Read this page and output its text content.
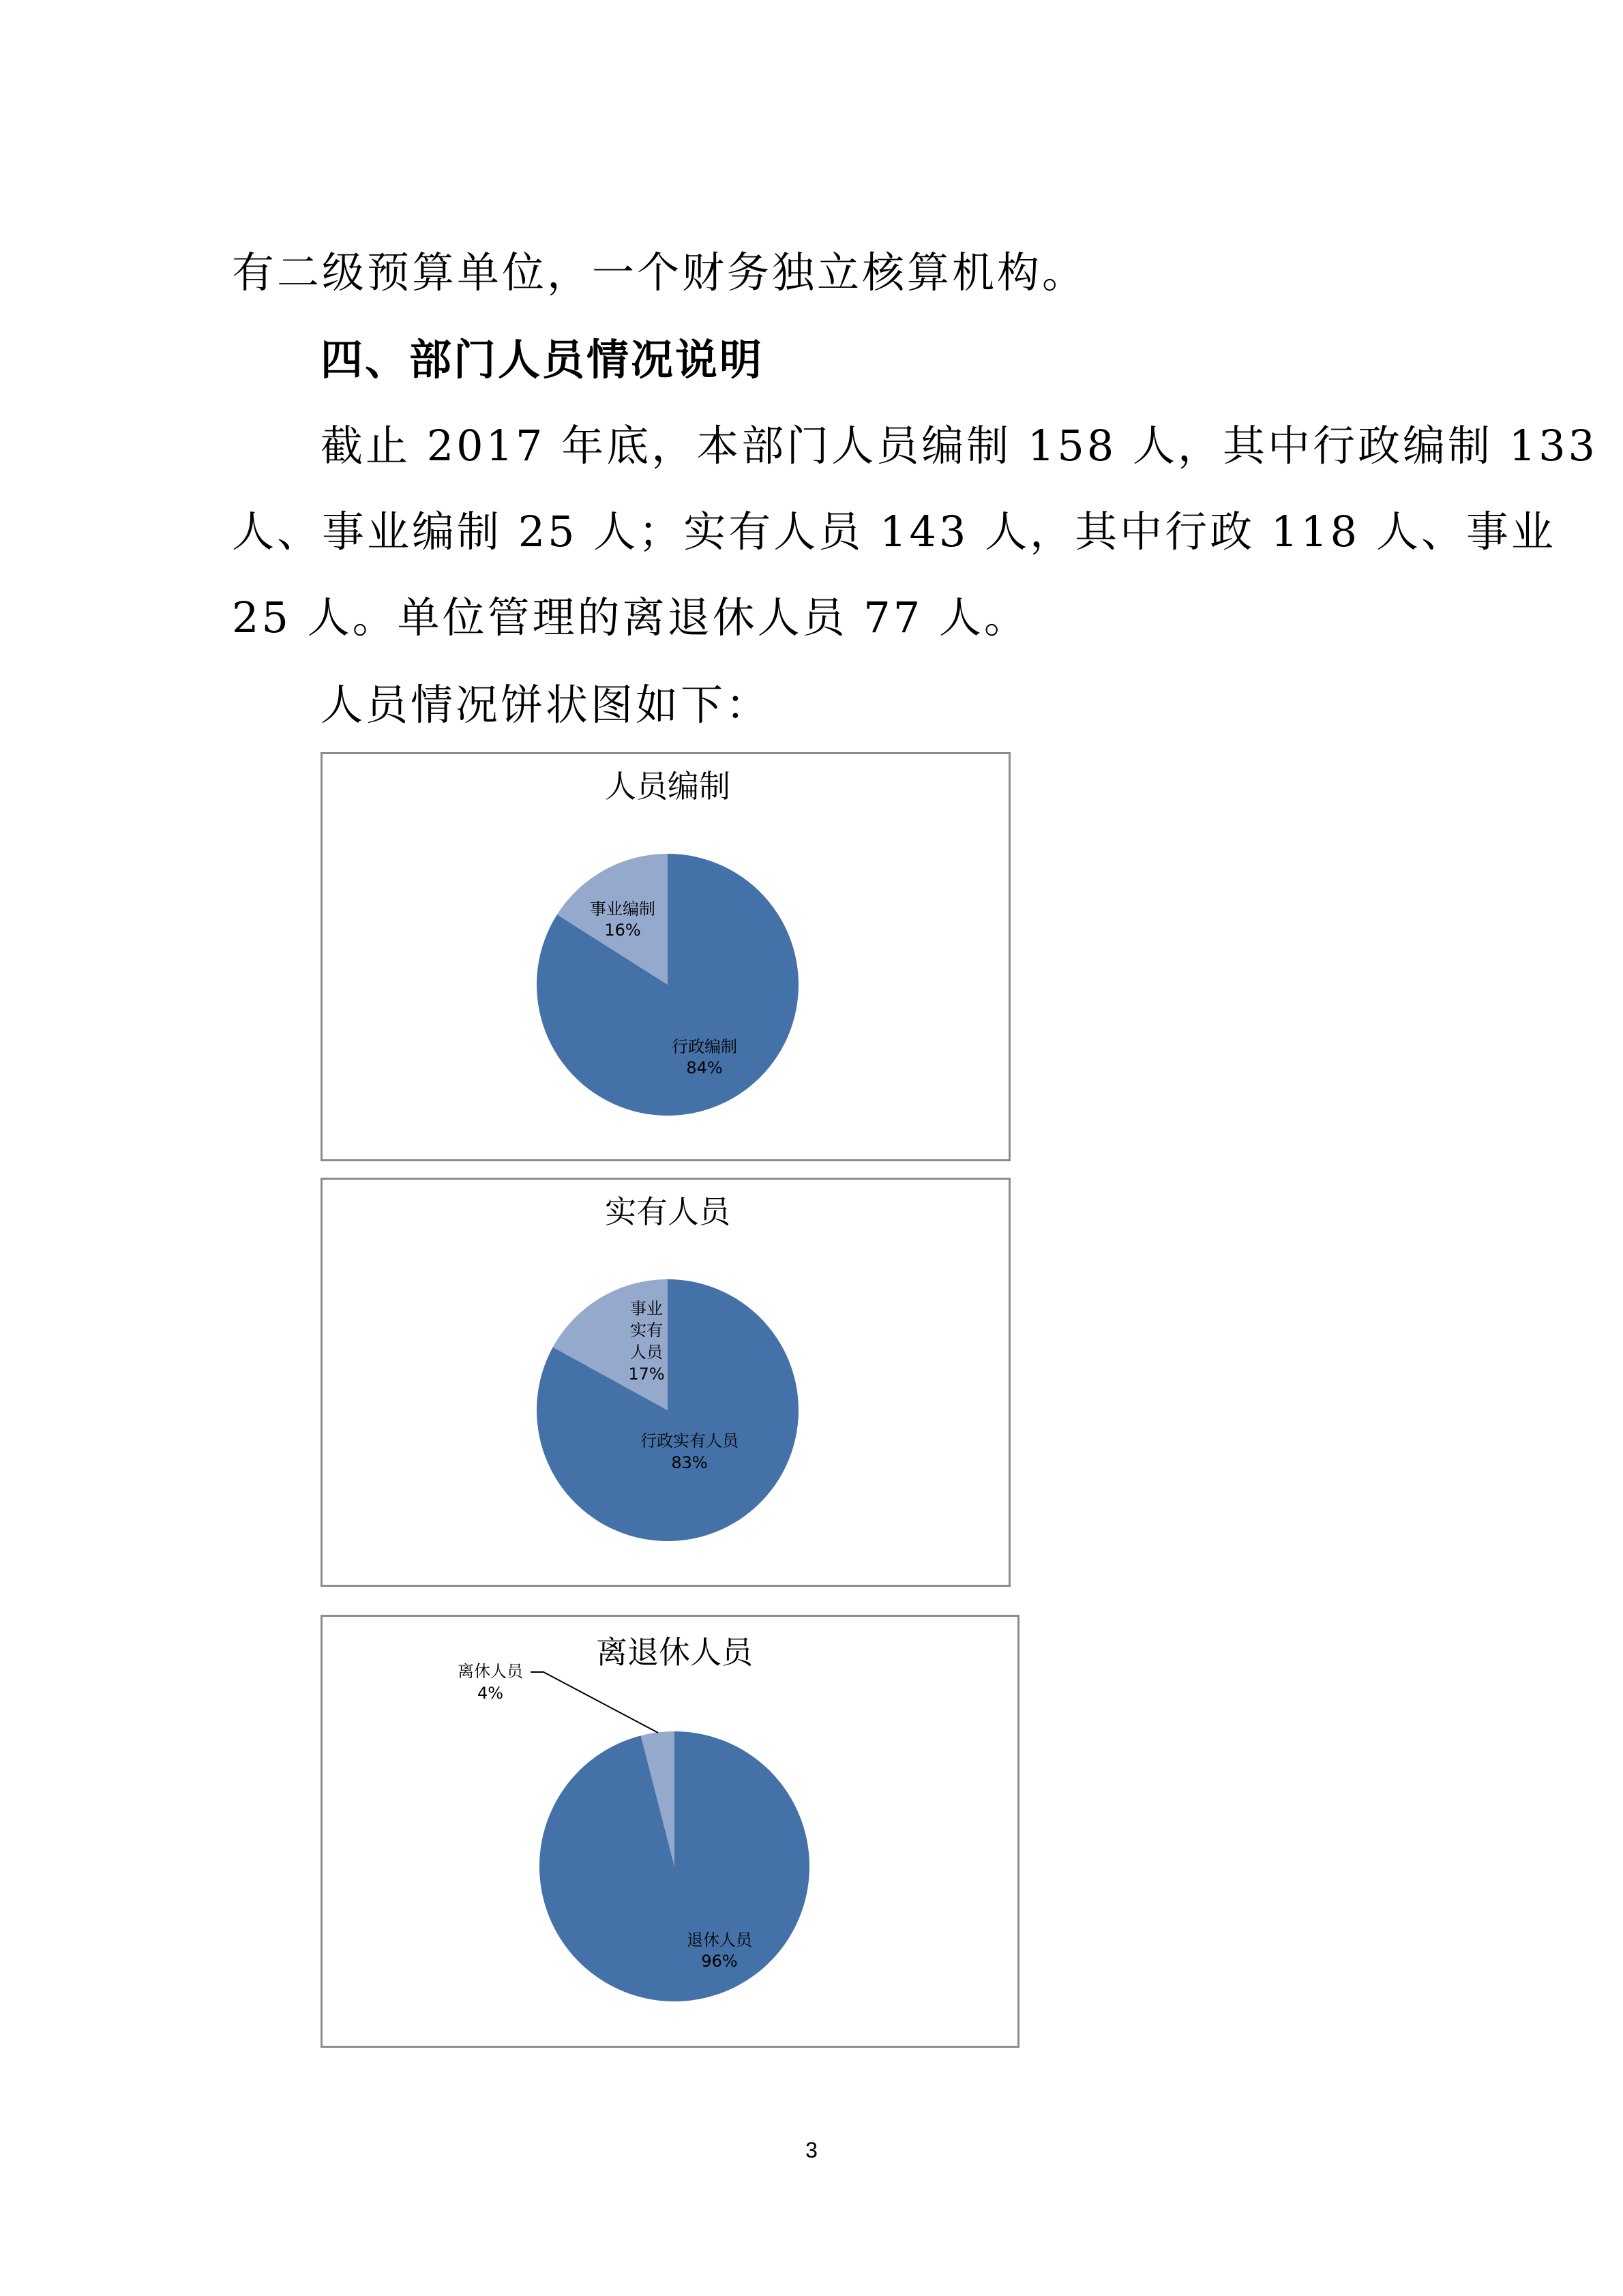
有二级预算单位，一个财务独立核算机构。
四、部门人员情况说明
截止 2017 年底，本部门人员编制 158 人，其中行政编制 133
人、事业编制 25 人；实有人员 143 人，其中行政 118 人、事业
25 人。单位管理的离退休人员 77 人。
人员情况饼状图如下：
人员编制
行政编制
84%
事业编制
16%
实有人员
行政实有人员
83%
事业
实有
人员
17%
离退休人员
离休人员
4%
退休人员
96%
3
